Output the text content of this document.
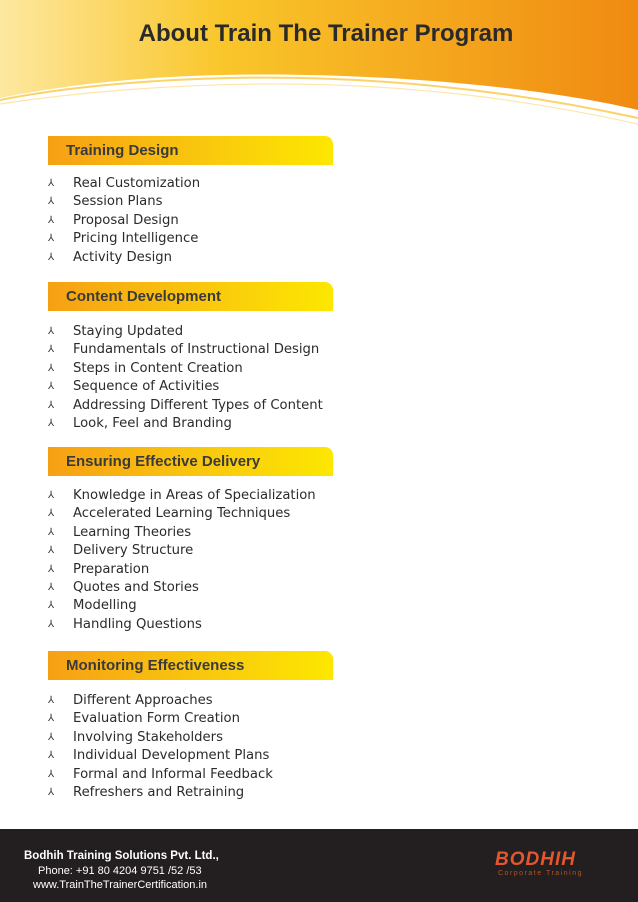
About Train The Trainer Program
Training Design
⅄ Real Customization
⅄ Session Plans
⅄ Proposal Design
⅄ Pricing Intelligence
⅄ Activity Design
Content Development
⅄ Staying Updated
⅄ Fundamentals of Instructional Design
⅄ Steps in Content Creation
⅄ Sequence of Activities
⅄ Addressing Different Types of Content
⅄ Look, Feel and Branding
Ensuring Effective Delivery
⅄ Knowledge in Areas of Specialization
⅄ Accelerated Learning Techniques
⅄ Learning Theories
⅄ Delivery Structure
⅄ Preparation
⅄ Quotes and Stories
⅄ Modelling
⅄ Handling Questions
Monitoring Effectiveness
⅄ Different Approaches
⅄ Evaluation Form Creation
⅄ Involving Stakeholders
⅄ Individual Development Plans
⅄ Formal and Informal Feedback
⅄ Refreshers and Retraining
Bodhih Training Solutions Pvt. Ltd.,
Phone: +91 80 4204 9751 /52 /53
www.TrainTheTrainerCertification.in
BODHIH
Corporate Training
